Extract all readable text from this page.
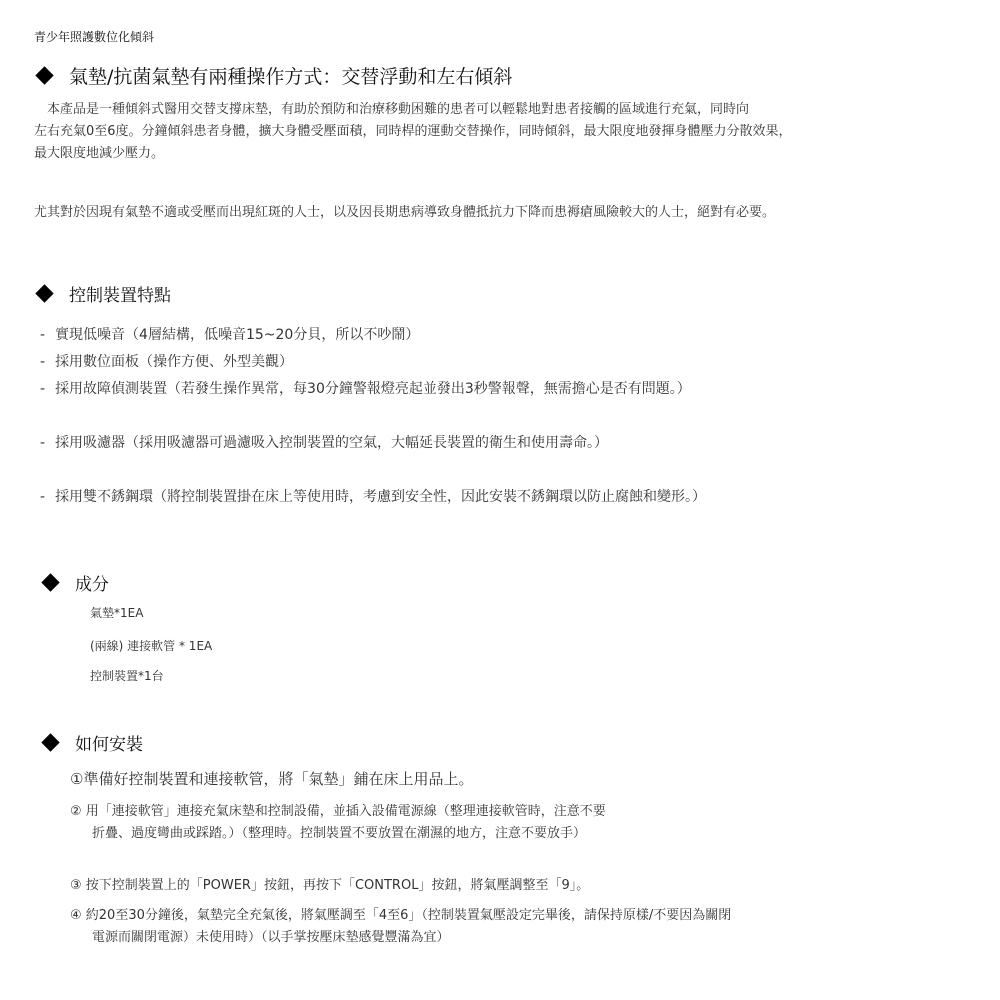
青少年照護數位化傾斜
氣墊/抗菌氣墊有兩種操作方式：交替浮動和左右傾斜
　本產品是一種傾斜式醫用交替支撐床墊，有助於預防和治療移動困難的患者可以輕鬆地對患者接觸的區域進行充氣，同時向
左右充氣0至6度。分鐘傾斜患者身體，擴大身體受壓面積，同時桿的運動交替操作，同時傾斜，最大限度地發揮身體壓力分散效果，
最大限度地減少壓力。
尤其對於因現有氣墊不適或受壓而出現紅斑的人士，以及因長期患病導致身體抵抗力下降而患褥瘡風險較大的人士，絕對有必要。
控制裝置特點
- 實現低噪音（4層結構，低噪音15~20分貝，所以不吵鬧）
- 採用數位面板（操作方便、外型美觀）
- 採用故障偵測裝置（若發生操作異常，每30分鐘警報燈亮起並發出3秒警報聲，無需擔心是否有問題。）
- 採用吸濾器（採用吸濾器可過濾吸入控制裝置的空氣，大幅延長裝置的衛生和使用壽命。）
- 採用雙不銹鋼環（將控制裝置掛在床上等使用時，考慮到安全性，因此安裝不銹鋼環以防止腐蝕和變形。）
成分
氣墊*1EA
(兩線) 連接軟管 * 1EA
控制裝置*1台
如何安裝
①準備好控制裝置和連接軟管，將「氣墊」鋪在床上用品上。
② 用「連接軟管」連接充氣床墊和控制設備，並插入設備電源線（整理連接軟管時，注意不要
折疊、過度彎曲或踩踏。）（整理時。控制裝置不要放置在潮濕的地方，注意不要放手）
③ 按下控制裝置上的「POWER」按鈕，再按下「CONTROL」按鈕，將氣壓調整至「9」。
④ 約20至30分鐘後，氣墊完全充氣後，將氣壓調至「4至6」（控制裝置氣壓設定完畢後，請保持原樣/不要因為關閉
電源而關閉電源）未使用時）（以手掌按壓床墊感覺豐滿為宜）
